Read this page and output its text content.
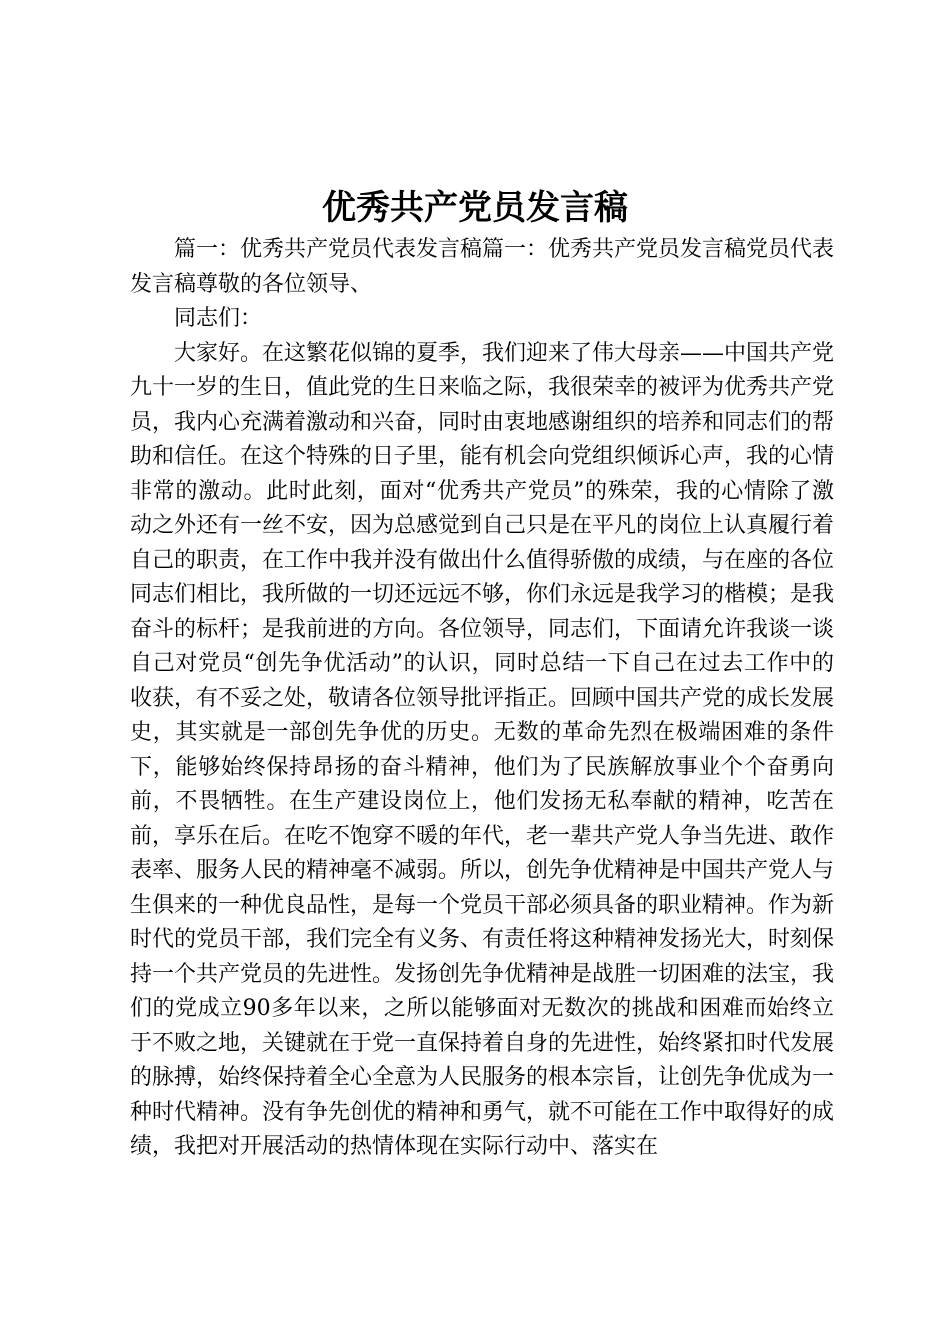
优秀共产党员发言稿

篇一：优秀共产党员代表发言稿篇一：优秀共产党员发言稿党员代表发言稿尊敬的各位领导、

同志们：

大家好。在这繁花似锦的夏季，我们迎来了伟大母亲——中国共产党九十一岁的生日，值此党的生日来临之际，我很荣幸的被评为优秀共产党员，我内心充满着激动和兴奋，同时由衷地感谢组织的培养和同志们的帮助和信任。在这个特殊的日子里，能有机会向党组织倾诉心声，我的心情非常的激动。此时此刻，面对“优秀共产党员”的殊荣，我的心情除了激动之外还有一丝不安，因为总感觉到自己只是在平凡的岗位上认真履行着自己的职责，在工作中我并没有做出什么值得骄傲的成绩，与在座的各位同志们相比，我所做的一切还远远不够，你们永远是我学习的楷模；是我奋斗的标杆；是我前进的方向。各位领导，同志们，下面请允许我谈一谈自己对党员“创先争优活动”的认识，同时总结一下自己在过去工作中的收获，有不妥之处，敬请各位领导批评指正。回顾中国共产党的成长发展史，其实就是一部创先争优的历史。无数的革命先烈在极端困难的条件下，能够始终保持昂扬的奋斗精神，他们为了民族解放事业个个奋勇向前，不畏牺牲。在生产建设岗位上，他们发扬无私奉献的精神，吃苦在前，享乐在后。在吃不饱穿不暖的年代，老一辈共产党人争当先进、敢作表率、服务人民的精神毫不减弱。所以，创先争优精神是中国共产党人与生俱来的一种优良品性，是每一个党员干部必须具备的职业精神。作为新时代的党员干部，我们完全有义务、有责任将这种精神发扬光大，时刻保持一个共产党员的先进性。发扬创先争优精神是战胜一切困难的法宝，我们的党成立90多年以来，之所以能够面对无数次的挑战和困难而始终立于不败之地，关键就在于党一直保持着自身的先进性，始终紧扣时代发展的脉搏，始终保持着全心全意为人民服务的根本宗旨，让创先争优成为一种时代精神。没有争先创优的精神和勇气，就不可能在工作中取得好的成绩，我把对开展活动的热情体现在实际行动中、落实在
